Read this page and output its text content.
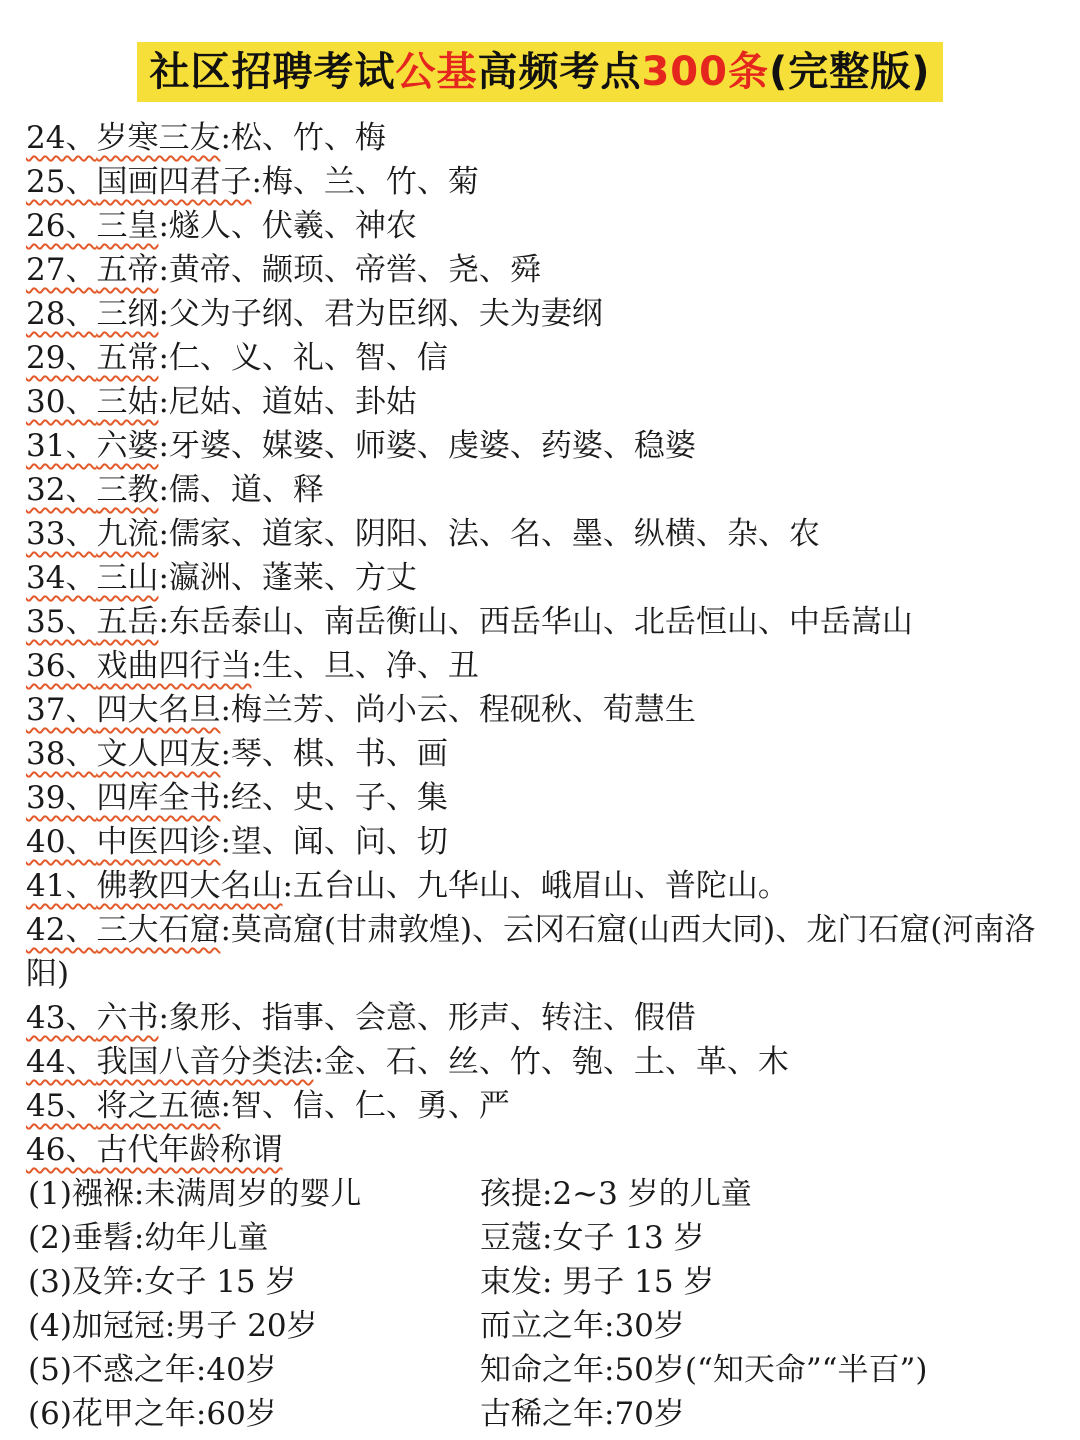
社区招聘考试公基高频考点300条(完整版)
24、岁寒三友:松、竹、梅
25、国画四君子:梅、兰、竹、菊
26、三皇:燧人、伏羲、神农
27、五帝:黄帝、颛顼、帝喾、尧、舜
28、三纲:父为子纲、君为臣纲、夫为妻纲
29、五常:仁、义、礼、智、信
30、三姑:尼姑、道姑、卦姑
31、六婆:牙婆、媒婆、师婆、虔婆、药婆、稳婆
32、三教:儒、道、释
33、九流:儒家、道家、阴阳、法、名、墨、纵横、杂、农
34、三山:瀛洲、蓬莱、方丈
35、五岳:东岳泰山、南岳衡山、西岳华山、北岳恒山、中岳嵩山
36、戏曲四行当:生、旦、净、丑
37、四大名旦:梅兰芳、尚小云、程砚秋、荀慧生
38、文人四友:琴、棋、书、画
39、四库全书:经、史、子、集
40、中医四诊:望、闻、问、切
41、佛教四大名山:五台山、九华山、峨眉山、普陀山。
42、三大石窟:莫高窟(甘肃敦煌)、云冈石窟(山西大同)、龙门石窟(河南洛阳)
43、六书:象形、指事、会意、形声、转注、假借
44、我国八音分类法:金、石、丝、竹、匏、土、革、木
45、将之五德:智、信、仁、勇、严
46、古代年龄称谓
(1)襁褓:未满周岁的婴儿	孩提:2~3 岁的儿童
(2)垂髫:幼年儿童	豆蔻:女子 13 岁
(3)及笄:女子 15 岁	束发: 男子 15 岁
(4)加冠冠:男子 20岁	而立之年:30岁
(5)不惑之年:40岁	知命之年:50岁(“知天命”“半百”)
(6)花甲之年:60岁	古稀之年:70岁
